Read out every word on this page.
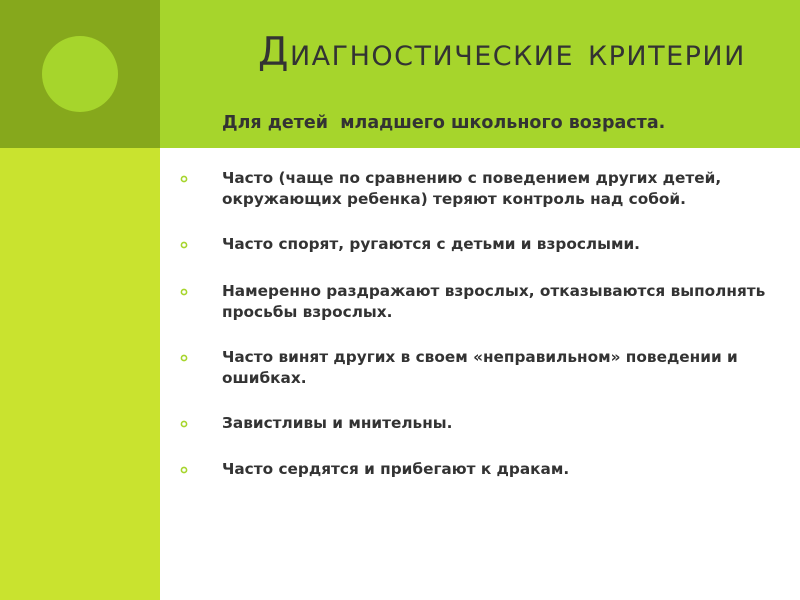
Диагностические критерии
Для детей  младшего школьного возраста.
Часто (чаще по сравнению с поведением других детей, окружающих ребенка) теряют контроль над собой.
Часто спорят, ругаются с детьми и взрослыми.
Намеренно раздражают взрослых, отказываются выполнять просьбы взрослых.
Часто винят других в своем «неправильном» поведении и ошибках.
Завистливы и мнительны.
Часто сердятся и прибегают к дракам.
